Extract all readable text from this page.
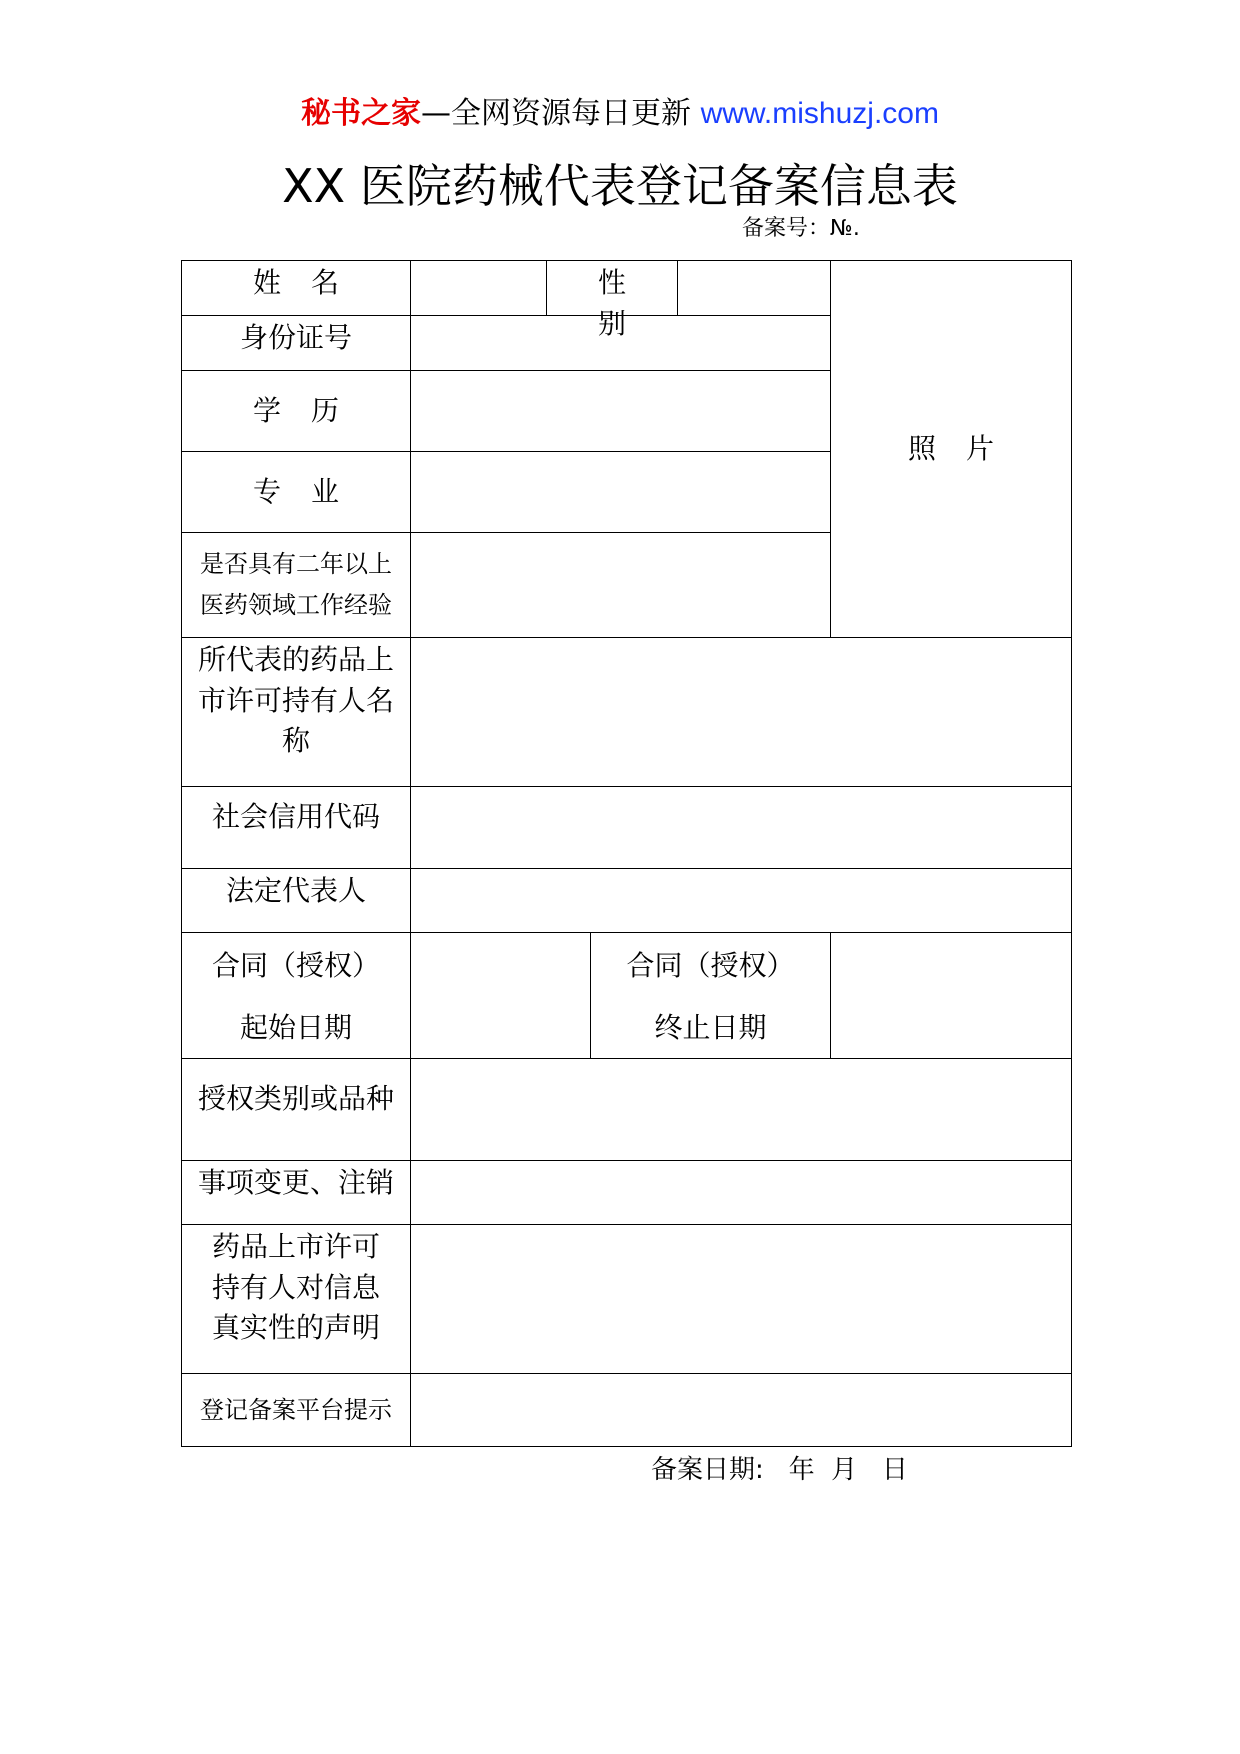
秘书之家—全网资源每日更新 www.mishuzj.com
XX 医院药械代表登记备案信息表
备案号：№.
姓名	性别
照片
身份证号
学历
专业
是否具有二年以上
医药领域工作经验
所代表的药品上
市许可持有人名
称
社会信用代码
法定代表人
合同（授权）
起始日期
合同（授权）
终止日期
授权类别或品种
事项变更、注销
药品上市许可
持有人对信息
真实性的声明
登记备案平台提示
备案日期: 年 月 日
